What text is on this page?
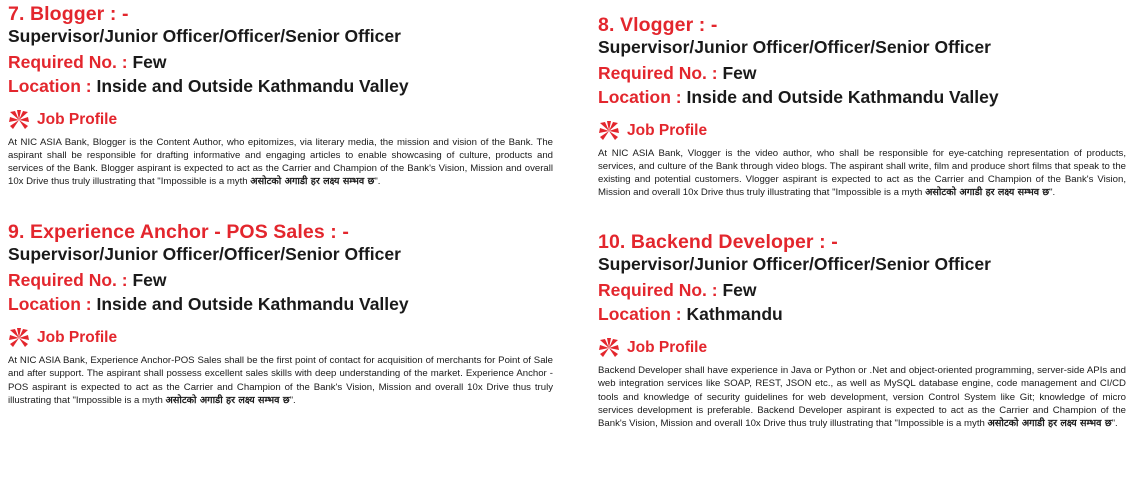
7. Blogger : -
Supervisor/Junior Officer/Officer/Senior Officer
Required No. : Few
Location : Inside and Outside Kathmandu Valley
Job Profile

At NIC ASIA Bank, Blogger is the Content Author, who epitomizes, via literary media, the mission and vision of the Bank. The aspirant shall be responsible for drafting informative and engaging articles to enable showcasing of culture, products and services of the Bank. Blogger aspirant is expected to act as the Carrier and Champion of the Bank's Vision, Mission and overall 10x Drive thus truly illustrating that "Impossible is a myth असोटको अगाडी हर लक्ष्य सम्भव छ".

9. Experience Anchor - POS Sales : -
Supervisor/Junior Officer/Officer/Senior Officer
Required No. : Few
Location : Inside and Outside Kathmandu Valley
Job Profile

At NIC ASIA Bank, Experience Anchor-POS Sales shall be the first point of contact for acquisition of merchants for Point of Sale and after support. The aspirant shall possess excellent sales skills with deep understanding of the market. Experience Anchor - POS aspirant is expected to act as the Carrier and Champion of the Bank's Vision, Mission and overall 10x Drive thus truly illustrating that "Impossible is a myth असोटको अगाडी हर लक्ष्य सम्भव छ".

8. Vlogger : -
Supervisor/Junior Officer/Officer/Senior Officer
Required No. : Few
Location : Inside and Outside Kathmandu Valley
Job Profile

At NIC ASIA Bank, Vlogger is the video author, who shall be responsible for eye-catching representation of products, services, and culture of the Bank through video blogs. The aspirant shall write, film and produce short films that speak to the existing and potential customers. Vlogger aspirant is expected to act as the Carrier and Champion of the Bank's Vision, Mission and overall 10x Drive thus truly illustrating that "Impossible is a myth असोटको अगाडी हर लक्ष्य सम्भव छ".

10. Backend Developer : -
Supervisor/Junior Officer/Officer/Senior Officer
Required No. : Few
Location : Kathmandu
Job Profile

Backend Developer shall have experience in Java or Python or .Net and object-oriented programming, server-side APIs and web integration services like SOAP, REST, JSON etc., as well as MySQL database engine, code management and CI/CD tools and knowledge of security guidelines for web development, version Control System like Git; knowledge of micro services development is preferable. Backend Developer aspirant is expected to act as the Carrier and Champion of the Bank's Vision, Mission and overall 10x Drive thus truly illustrating that "Impossible is a myth असोटको अगाडी हर लक्ष्य सम्भव छ".
